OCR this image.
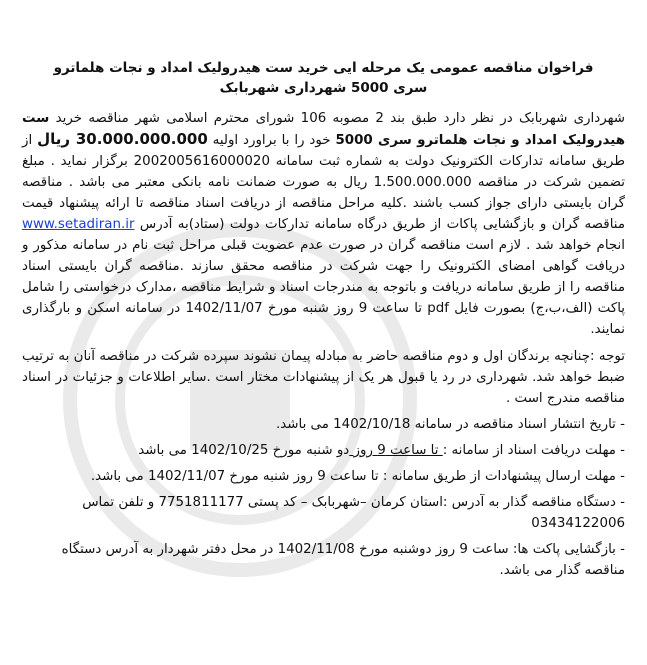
فراخوان مناقصه عمومی یک مرحله ایی خرید ست هیدرولیک امداد و نجات هلماترو سری 5000 شهرداری شهربابک
شهرداری شهربابک در نظر دارد طبق بند 2 مصوبه 106 شورای محترم اسلامی شهر مناقصه خرید ست هیدرولیک امداد و نجات هلماترو سری 5000 خود را با براورد اولیه 30.000.000.000 ریال از طریق سامانه تدارکات الکترونیک دولت به شماره ثبت سامانه 2002005616000020 برگزار نماید . مبلغ تضمین شرکت در مناقصه 1.500.000.000 ریال به صورت ضمانت نامه بانکی معتبر می باشد . مناقصه گران بایستی دارای جواز کسب باشند .کلیه مراحل مناقصه از دریافت اسناد مناقصه تا ارائه پیشنهاد قیمت مناقصه گران و بازگشایی پاکات از طریق درگاه سامانه تدارکات دولت (ستاد)به آدرس www.setadiran.ir انجام خواهد شد . لازم است مناقصه گران در صورت عدم عضویت قبلی مراحل ثبت نام در سامانه مذکور و دریافت گواهی امضای الکترونیک را جهت شرکت در مناقصه محقق سازند .مناقصه گران بایستی اسناد مناقصه را از طریق سامانه دریافت و باتوجه به مندرجات اسناد و شرایط مناقصه ،مدارک درخواستی را شامل پاکت (الف،ب،ج) بصورت فایل pdf تا ساعت 9 روز شنبه مورخ 1402/11/07 در سامانه اسکن و بارگذاری نمایند.
توجه :چنانچه برندگان اول و دوم مناقصه حاضر به مبادله پیمان نشوند سپرده شرکت در مناقصه آنان به ترتیب ضبط خواهد شد. شهرداری در رد یا قبول هر یک از پیشنهادات مختار است .سایر اطلاعات و جزئیات در اسناد مناقصه مندرج است .
- تاریخ انتشار اسناد مناقصه در سامانه 1402/10/18 می باشد.
- مهلت دریافت اسناد از سامانه : تا ساعت 9 روز دو شنبه مورخ 1402/10/25 می باشد
- مهلت ارسال پیشنهادات از طریق سامانه : تا ساعت 9 روز شنبه مورخ 1402/11/07 می باشد.
- دستگاه مناقصه گذار به آدرس :استان کرمان –شهربابک – کد پستی 7751811177 و تلفن تماس 03434122006
- بازگشایی پاکت ها: ساعت 9 روز دوشنبه مورخ 1402/11/08 در محل دفتر شهردار به آدرس دستگاه مناقصه گذار می باشد.
